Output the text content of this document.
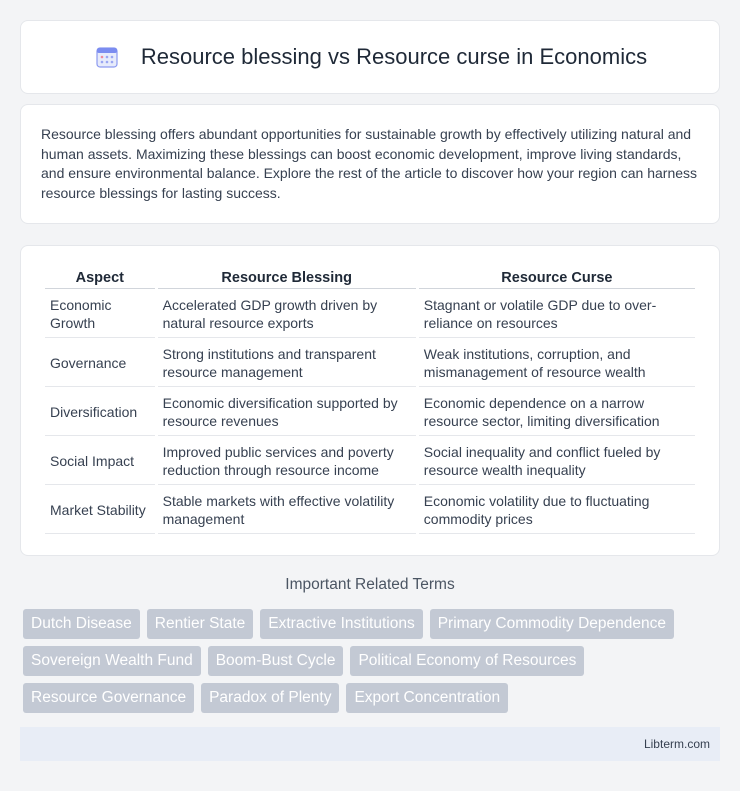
Resource blessing vs Resource curse in Economics

Resource blessing offers abundant opportunities for sustainable growth by effectively utilizing natural and human assets. Maximizing these blessings can boost economic development, improve living standards, and ensure environmental balance. Explore the rest of the article to discover how your region can harness resource blessings for lasting success.

Aspect	Resource Blessing	Resource Curse
Economic Growth	Accelerated GDP growth driven by natural resource exports	Stagnant or volatile GDP due to over-reliance on resources
Governance	Strong institutions and transparent resource management	Weak institutions, corruption, and mismanagement of resource wealth
Diversification	Economic diversification supported by resource revenues	Economic dependence on a narrow resource sector, limiting diversification
Social Impact	Improved public services and poverty reduction through resource income	Social inequality and conflict fueled by resource wealth inequality
Market Stability	Stable markets with effective volatility management	Economic volatility due to fluctuating commodity prices
Important Related Terms
Dutch Disease	Rentier State	Extractive Institutions	Primary Commodity Dependence
Sovereign Wealth Fund	Boom-Bust Cycle	Political Economy of Resources
Resource Governance	Paradox of Plenty	Export Concentration
Libterm.com
